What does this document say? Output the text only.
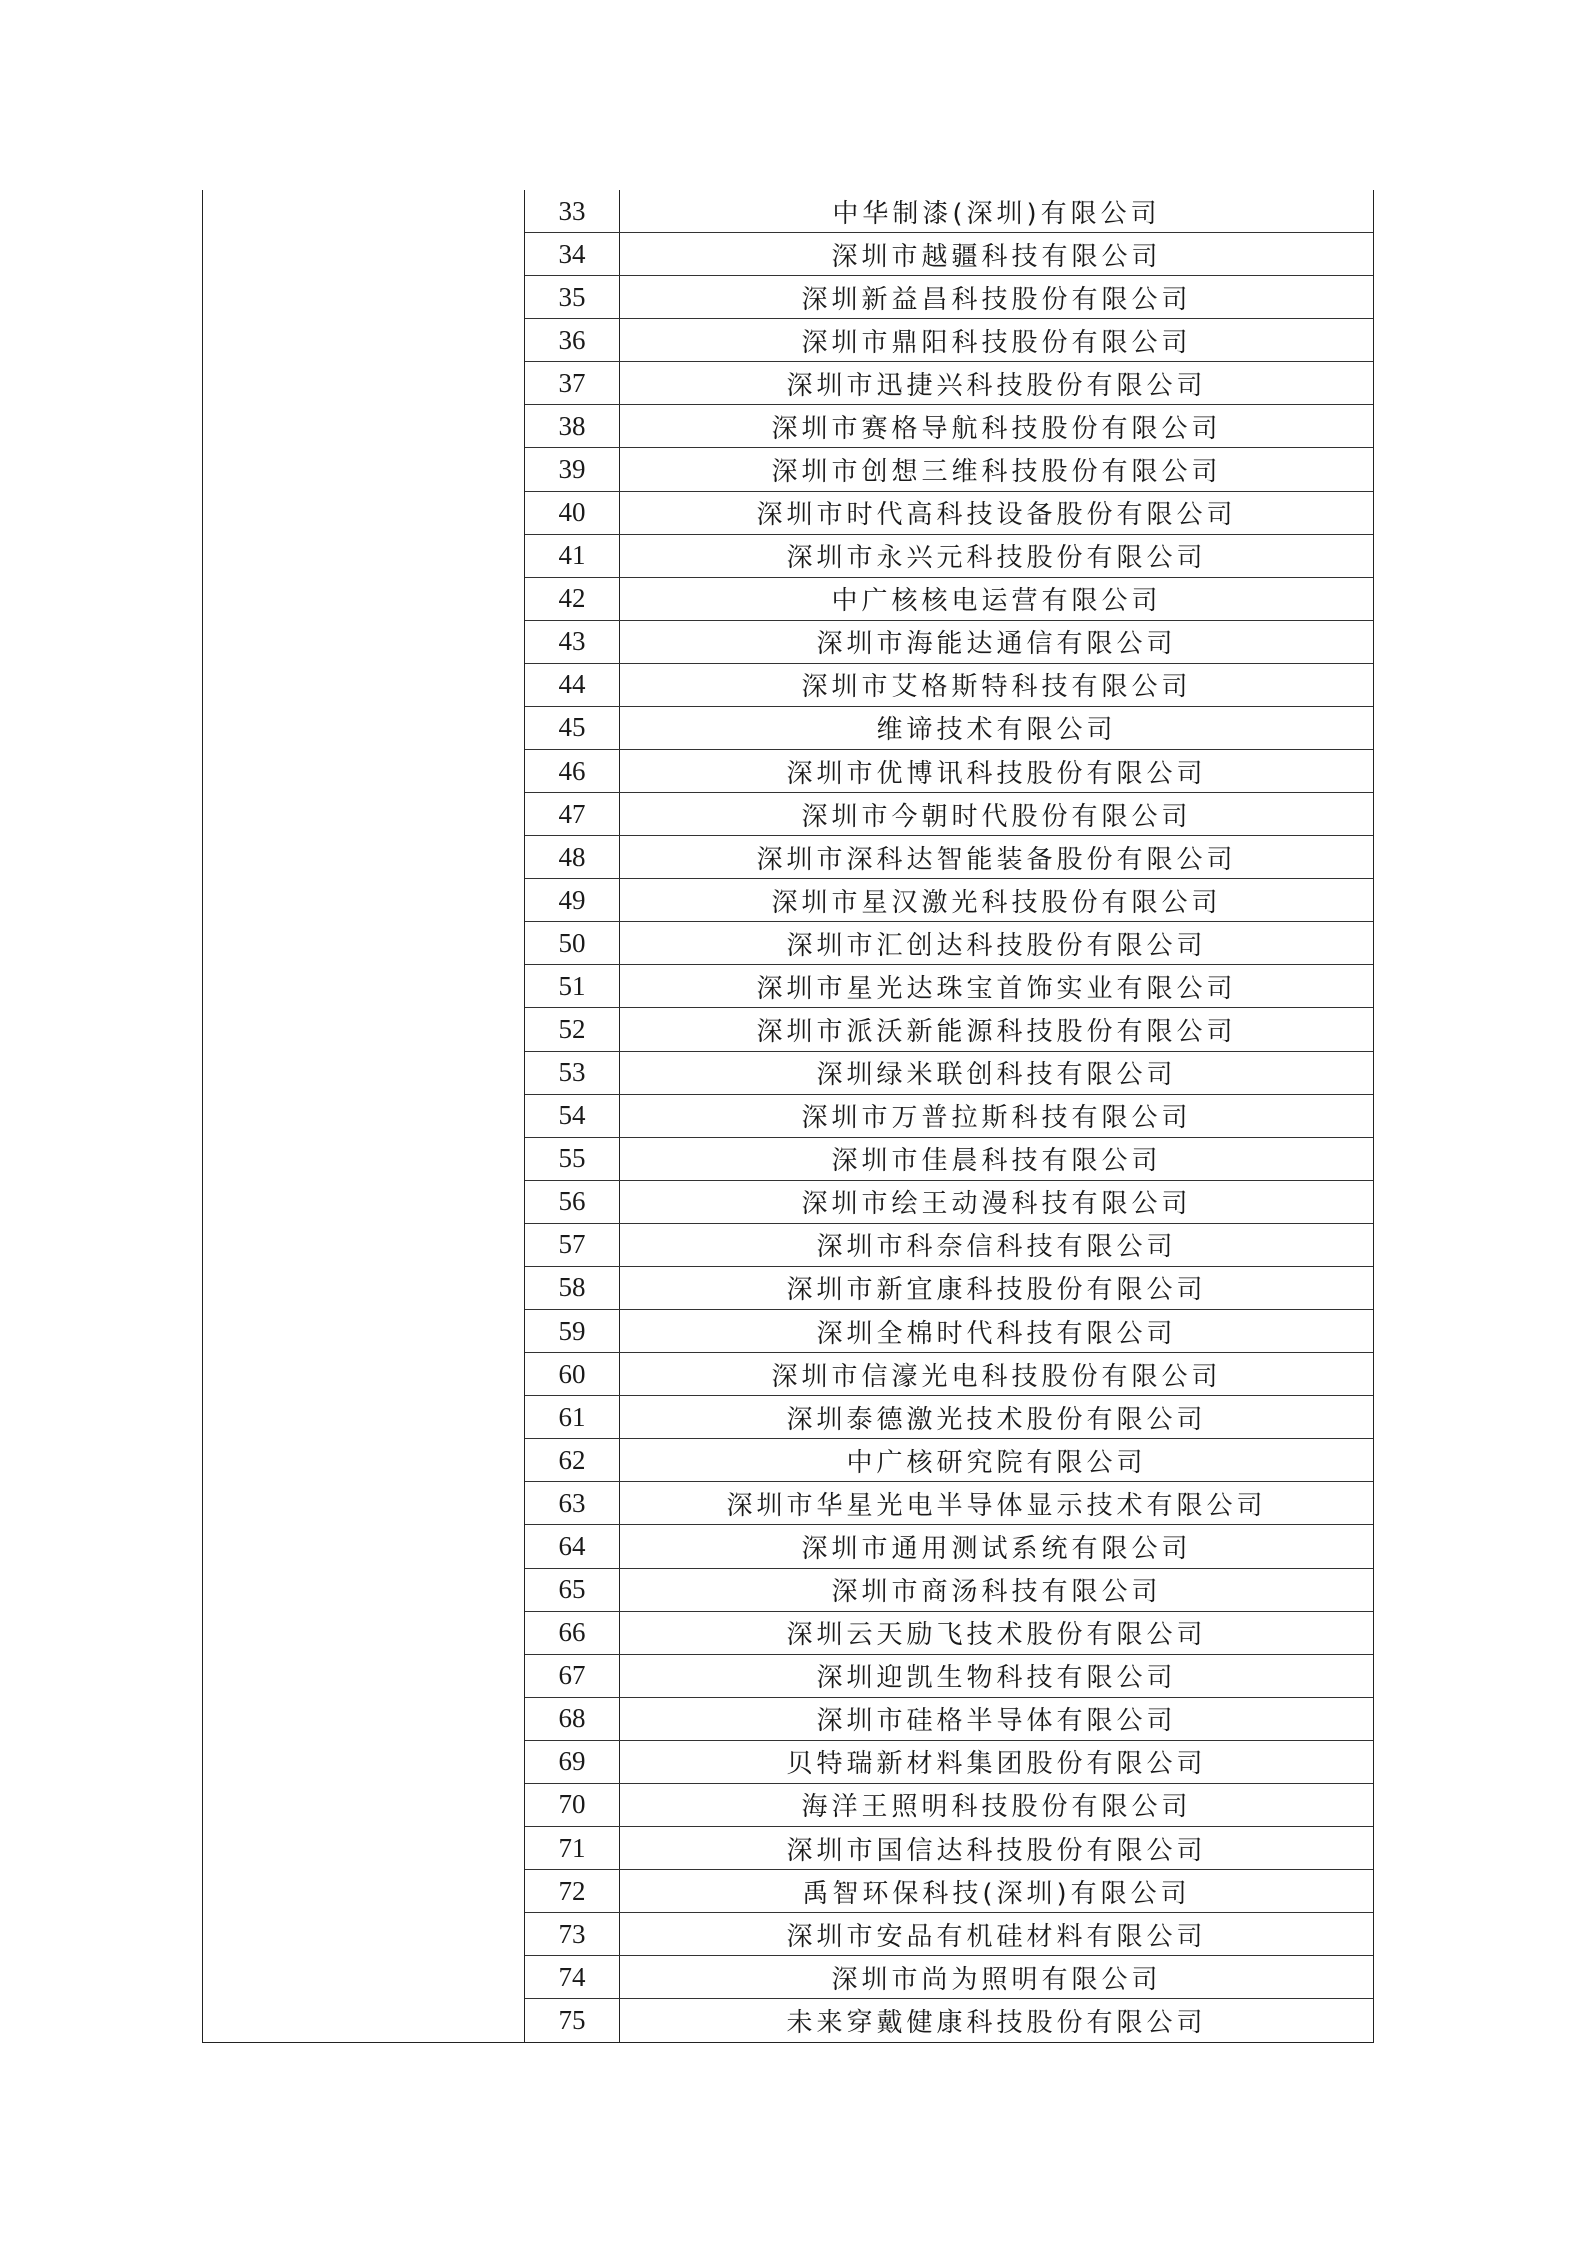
33	中华制漆(深圳)有限公司
34	深圳市越疆科技有限公司
35	深圳新益昌科技股份有限公司
36	深圳市鼎阳科技股份有限公司
37	深圳市迅捷兴科技股份有限公司
38	深圳市赛格导航科技股份有限公司
39	深圳市创想三维科技股份有限公司
40	深圳市时代高科技设备股份有限公司
41	深圳市永兴元科技股份有限公司
42	中广核核电运营有限公司
43	深圳市海能达通信有限公司
44	深圳市艾格斯特科技有限公司
45	维谛技术有限公司
46	深圳市优博讯科技股份有限公司
47	深圳市今朝时代股份有限公司
48	深圳市深科达智能装备股份有限公司
49	深圳市星汉激光科技股份有限公司
50	深圳市汇创达科技股份有限公司
51	深圳市星光达珠宝首饰实业有限公司
52	深圳市派沃新能源科技股份有限公司
53	深圳绿米联创科技有限公司
54	深圳市万普拉斯科技有限公司
55	深圳市佳晨科技有限公司
56	深圳市绘王动漫科技有限公司
57	深圳市科奈信科技有限公司
58	深圳市新宜康科技股份有限公司
59	深圳全棉时代科技有限公司
60	深圳市信濠光电科技股份有限公司
61	深圳泰德激光技术股份有限公司
62	中广核研究院有限公司
63	深圳市华星光电半导体显示技术有限公司
64	深圳市通用测试系统有限公司
65	深圳市商汤科技有限公司
66	深圳云天励飞技术股份有限公司
67	深圳迎凯生物科技有限公司
68	深圳市硅格半导体有限公司
69	贝特瑞新材料集团股份有限公司
70	海洋王照明科技股份有限公司
71	深圳市国信达科技股份有限公司
72	禹智环保科技(深圳)有限公司
73	深圳市安品有机硅材料有限公司
74	深圳市尚为照明有限公司
75	未来穿戴健康科技股份有限公司
